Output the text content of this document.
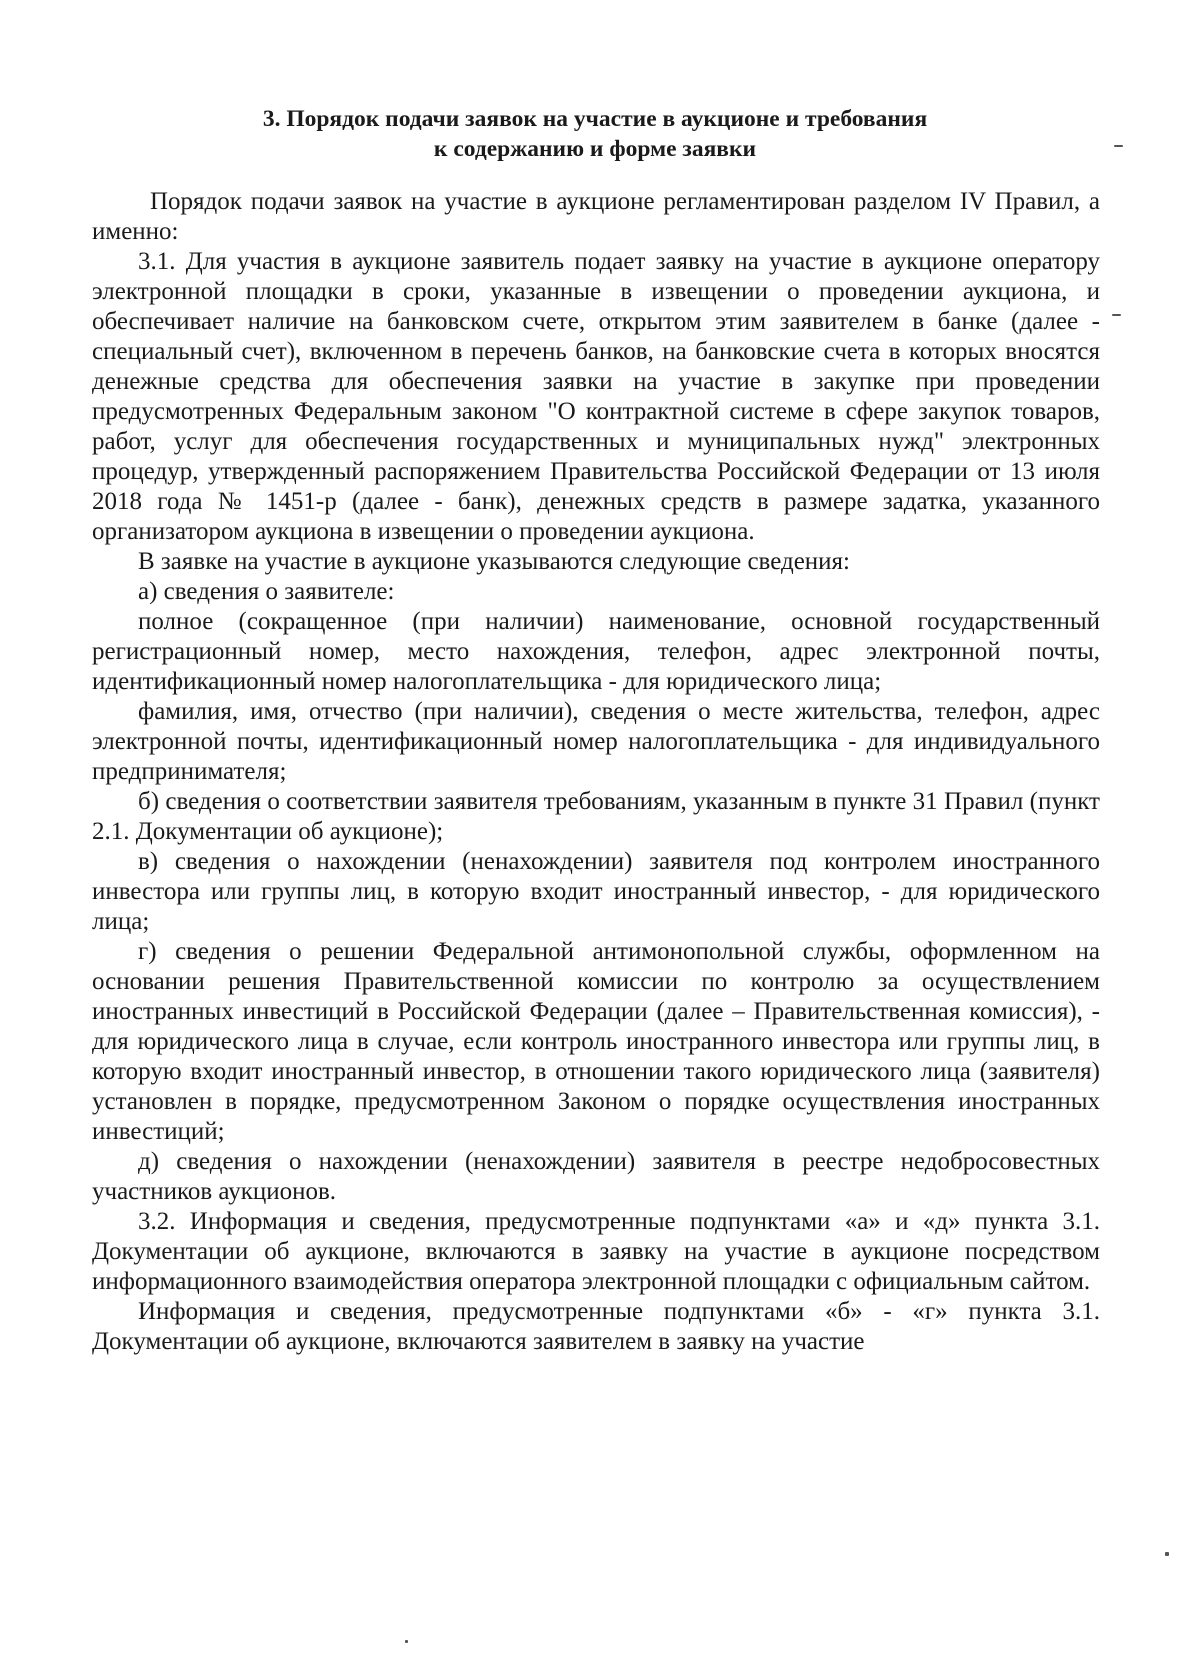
3. Порядок подачи заявок на участие в аукционе и требования
к содержанию и форме заявки

Порядок подачи заявок на участие в аукционе регламентирован разделом IV Правил, а именно:

3.1. Для участия в аукционе заявитель подает заявку на участие в аукционе оператору электронной площадки в сроки, указанные в извещении о проведении аукциона, и обеспечивает наличие на банковском счете, открытом этим заявителем в банке (далее - специальный счет), включенном в перечень банков, на банковские счета в которых вносятся денежные средства для обеспечения заявки на участие в закупке при проведении предусмотренных Федеральным законом "О контрактной системе в сфере закупок товаров, работ, услуг для обеспечения государственных и муниципальных нужд" электронных процедур, утвержденный распоряжением Правительства Российской Федерации от 13 июля 2018 года № 1451-р (далее - банк), денежных средств в размере задатка, указанного организатором аукциона в извещении о проведении аукциона.

В заявке на участие в аукционе указываются следующие сведения:

а) сведения о заявителе:

полное (сокращенное (при наличии) наименование, основной государственный регистрационный номер, место нахождения, телефон, адрес электронной почты, идентификационный номер налогоплательщика - для юридического лица;

фамилия, имя, отчество (при наличии), сведения о месте жительства, телефон, адрес электронной почты, идентификационный номер налогоплательщика - для индивидуального предпринимателя;

б) сведения о соответствии заявителя требованиям, указанным в пункте 31 Правил (пункт 2.1. Документации об аукционе);

в) сведения о нахождении (ненахождении) заявителя под контролем иностранного инвестора или группы лиц, в которую входит иностранный инвестор, - для юридического лица;

г) сведения о решении Федеральной антимонопольной службы, оформленном на основании решения Правительственной комиссии по контролю за осуществлением иностранных инвестиций в Российской Федерации (далее – Правительственная комиссия), - для юридического лица в случае, если контроль иностранного инвестора или группы лиц, в которую входит иностранный инвестор, в отношении такого юридического лица (заявителя) установлен в порядке, предусмотренном Законом о порядке осуществления иностранных инвестиций;

д) сведения о нахождении (ненахождении) заявителя в реестре недобросовестных участников аукционов.

3.2. Информация и сведения, предусмотренные подпунктами «а» и «д» пункта 3.1. Документации об аукционе, включаются в заявку на участие в аукционе посредством информационного взаимодействия оператора электронной площадки с официальным сайтом.

Информация и сведения, предусмотренные подпунктами «б» - «г» пункта 3.1. Документации об аукционе, включаются заявителем в заявку на участие
